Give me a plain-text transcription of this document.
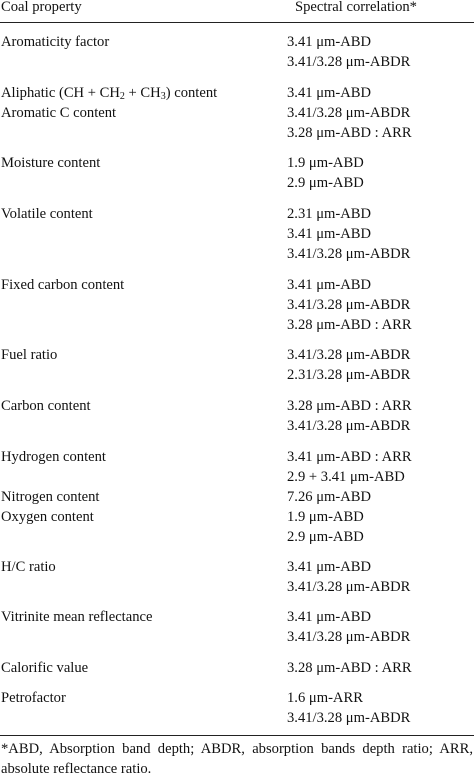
Coal property	Spectral correlation*
Aromaticity factor	3.41 μm-ABD
3.41/3.28 μm-ABDR
Aliphatic $(CH + CH_2 + CH_3)$ content	3.41 μm-ABD
Aromatic C content	3.41/3.28 μm-ABDR
3.28 μm-ABD : ARR
Moisture content	1.9 μm-ABD
2.9 μm-ABD
Volatile content	2.31 μm-ABD
3.41 μm-ABD
3.41/3.28 μm-ABDR
Fixed carbon content	3.41 μm-ABD
3.41/3.28 μm-ABDR
3.28 μm-ABD : ARR
Fuel ratio	3.41/3.28 μm-ABDR
2.31/3.28 μm-ABDR
Carbon content	3.28 μm-ABD : ARR
3.41/3.28 μm-ABDR
Hydrogen content	3.41 μm-ABD : ARR
2.9 + 3.41 μm-ABD
Nitrogen content	7.26 μm-ABD
Oxygen content	1.9 μm-ABD
2.9 μm-ABD
H/C ratio	3.41 μm-ABD
3.41/3.28 μm-ABDR
Vitrinite mean reflectance	3.41 μm-ABD
3.41/3.28 μm-ABDR
Calorific value	3.28 μm-ABD : ARR
Petrofactor	1.6 μm-ARR
3.41/3.28 μm-ABDR
*ABD, Absorption band depth; ABDR, absorption bands depth ratio; ARR, absolute reflectance ratio.
